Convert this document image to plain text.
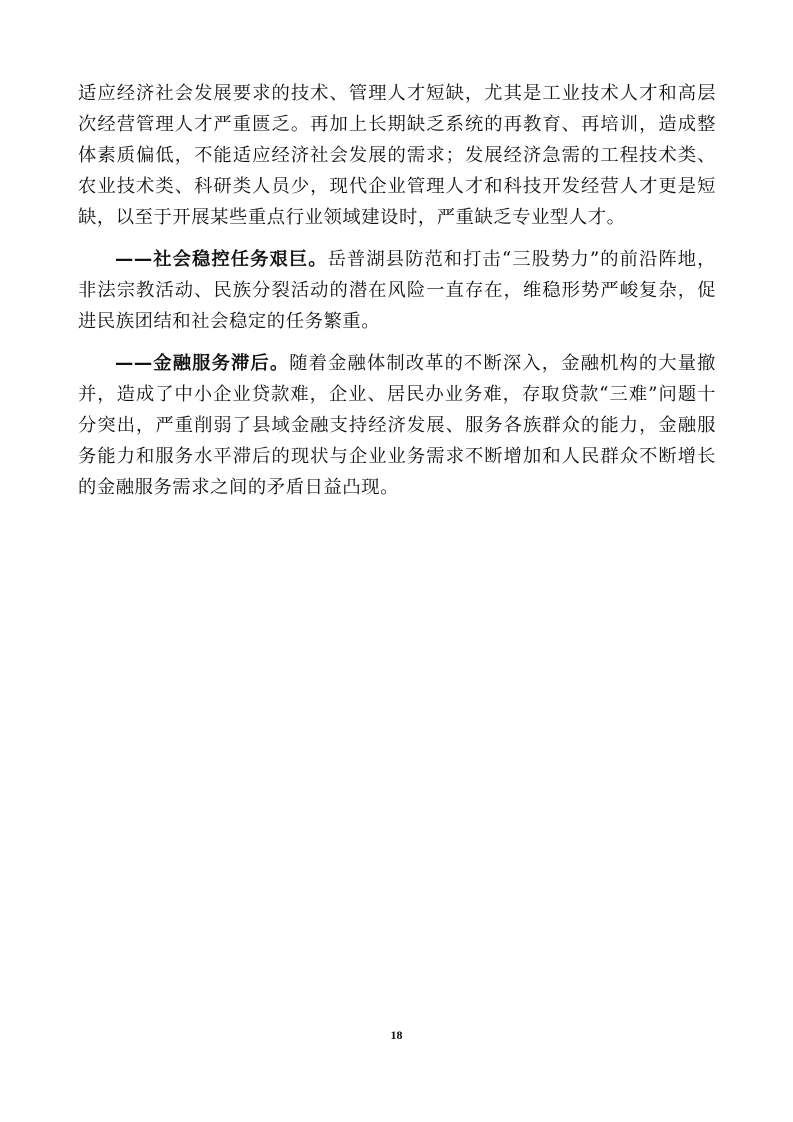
适应经济社会发展要求的技术、管理人才短缺，尤其是工业技术人才和高层次经营管理人才严重匮乏。再加上长期缺乏系统的再教育、再培训，造成整体素质偏低，不能适应经济社会发展的需求；发展经济急需的工程技术类、农业技术类、科研类人员少，现代企业管理人才和科技开发经营人才更是短缺，以至于开展某些重点行业领域建设时，严重缺乏专业型人才。

——社会稳控任务艰巨。岳普湖县防范和打击“三股势力”的前沿阵地，非法宗教活动、民族分裂活动的潜在风险一直存在，维稳形势严峻复杂，促进民族团结和社会稳定的任务繁重。

——金融服务滞后。随着金融体制改革的不断深入，金融机构的大量撤并，造成了中小企业贷款难，企业、居民办业务难，存取贷款“三难”问题十分突出，严重削弱了县域金融支持经济发展、服务各族群众的能力，金融服务能力和服务水平滞后的现状与企业业务需求不断增加和人民群众不断增长的金融服务需求之间的矛盾日益凸现。

18
